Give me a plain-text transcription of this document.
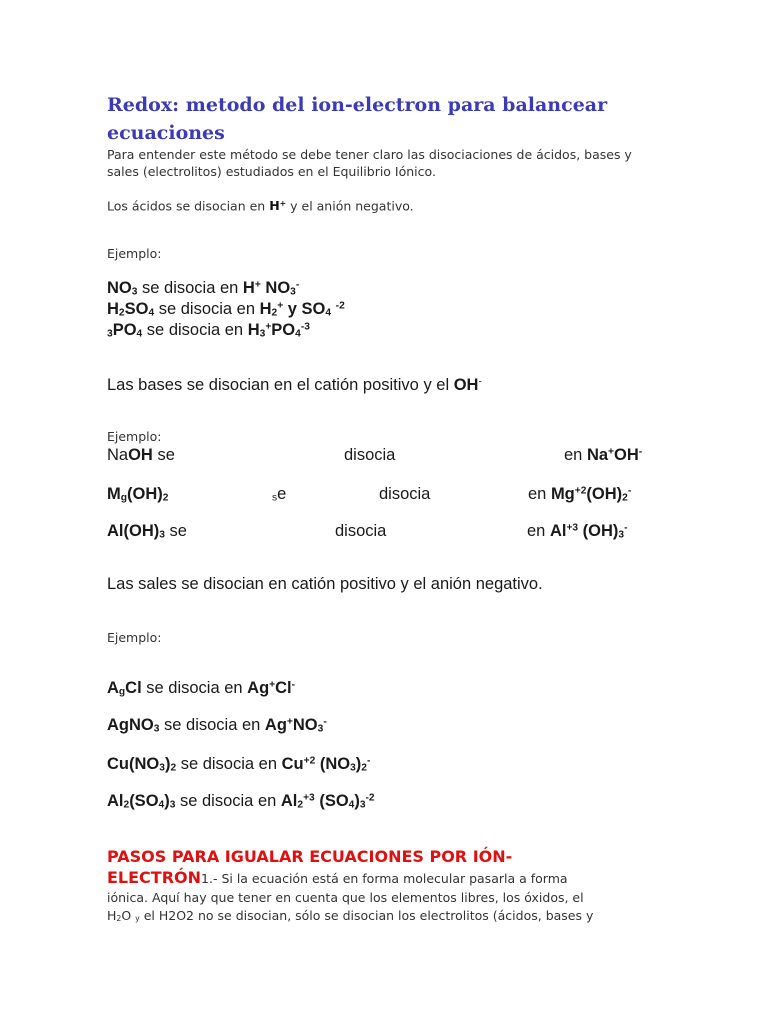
Redox: metodo del ion-electron para balancear
ecuaciones
Para entender este método se debe tener claro las disociaciones de ácidos, bases y
sales (electrolitos) estudiados en el Equilibrio Iónico.
Los ácidos se disocian en H+ y el anión negativo.
Ejemplo:
$NO_3$ se disocia en H+ $NO_3^-$
$H_2SO_4$ se disocia en $H_2^+$ y $SO_4$ $^{-2}$
$_3PO_4$ se disocia en $H_3^+PO_4^{-3}$
Las bases se disocian en el catión positivo y el OH-
Ejemplo:
NaOH se	disocia	en Na+OH-
$M_g(OH)_2$	$_s$e	disocia	en $Mg^{+2}(OH)_2^-$
$Al(OH)_3$ se	disocia	en $Al^{+3}$ $(OH)_3^-$
Las sales se disocian en catión positivo y el anión negativo.
Ejemplo:
$A_gCl$ se disocia en Ag+Cl-
AgNO$_3$ se disocia en $Ag^+NO_3^-$
$Cu(NO_3)_2$ se disocia en $Cu^{+2}$ $(NO_3)_2^-$
$Al_2(SO_4)_3$ se disocia en $Al_2^{+3}$ $(SO_4)_3^{-2}$
PASOS PARA IGUALAR ECUACIONES POR IÓN-
ELECTRÓN1.- Si la ecuación está en forma molecular pasarla a forma
iónica. Aquí hay que tener en cuenta que los elementos libres, los óxidos, el
$H_2O$ $_y$ el H2O2 no se disocian, sólo se disocian los electrolitos (ácidos, bases y
